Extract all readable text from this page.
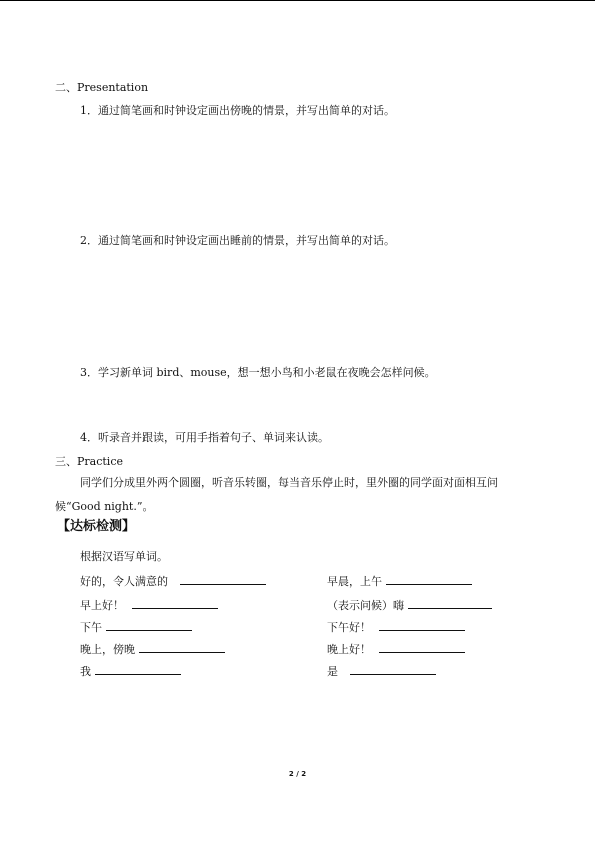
二、Presentation
1．通过简笔画和时钟设定画出傍晚的情景，并写出简单的对话。
2．通过简笔画和时钟设定画出睡前的情景，并写出简单的对话。
3．学习新单词 bird、mouse，想一想小鸟和小老鼠在夜晚会怎样问候。
4．听录音并跟读，可用手指着句子、单词来认读。
三、Practice
同学们分成里外两个圆圈，听音乐转圈，每当音乐停止时，里外圈的同学面对面相互问
候“Good night.”。
【达标检测】
根据汉语写单词。
好的，令人满意的
早上好！
下午
晚上，傍晚
我
早晨，上午
（表示问候）嗨
下午好！
晚上好！
是
2 / 2
